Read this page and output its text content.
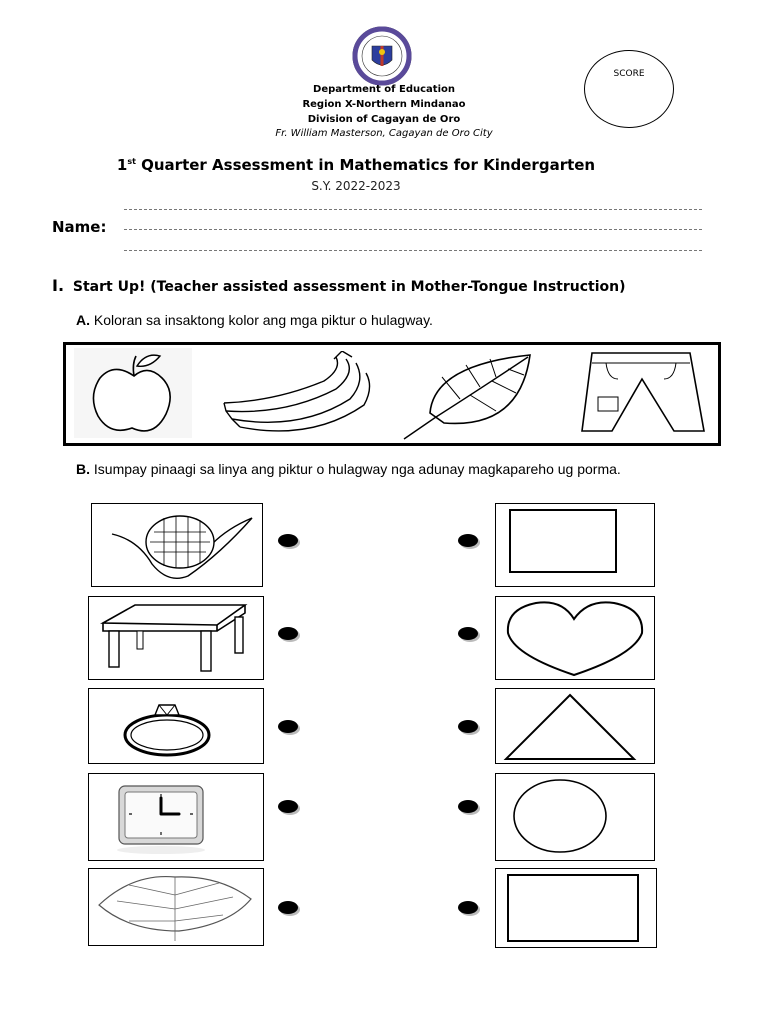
Department of Education
Region X-Northern Mindanao
Division of Cagayan de Oro
Fr. William Masterson, Cagayan de Oro City
SCORE
1st Quarter Assessment in Mathematics for Kindergarten
S.Y. 2022-2023
Name:
I. Start Up! (Teacher assisted assessment in Mother-Tongue Instruction)
A. Koloran sa insaktong kolor ang mga piktur o hulagway.
B. Isumpay pinaagi sa linya ang piktur o hulagway nga adunay magkapareho ug porma.
